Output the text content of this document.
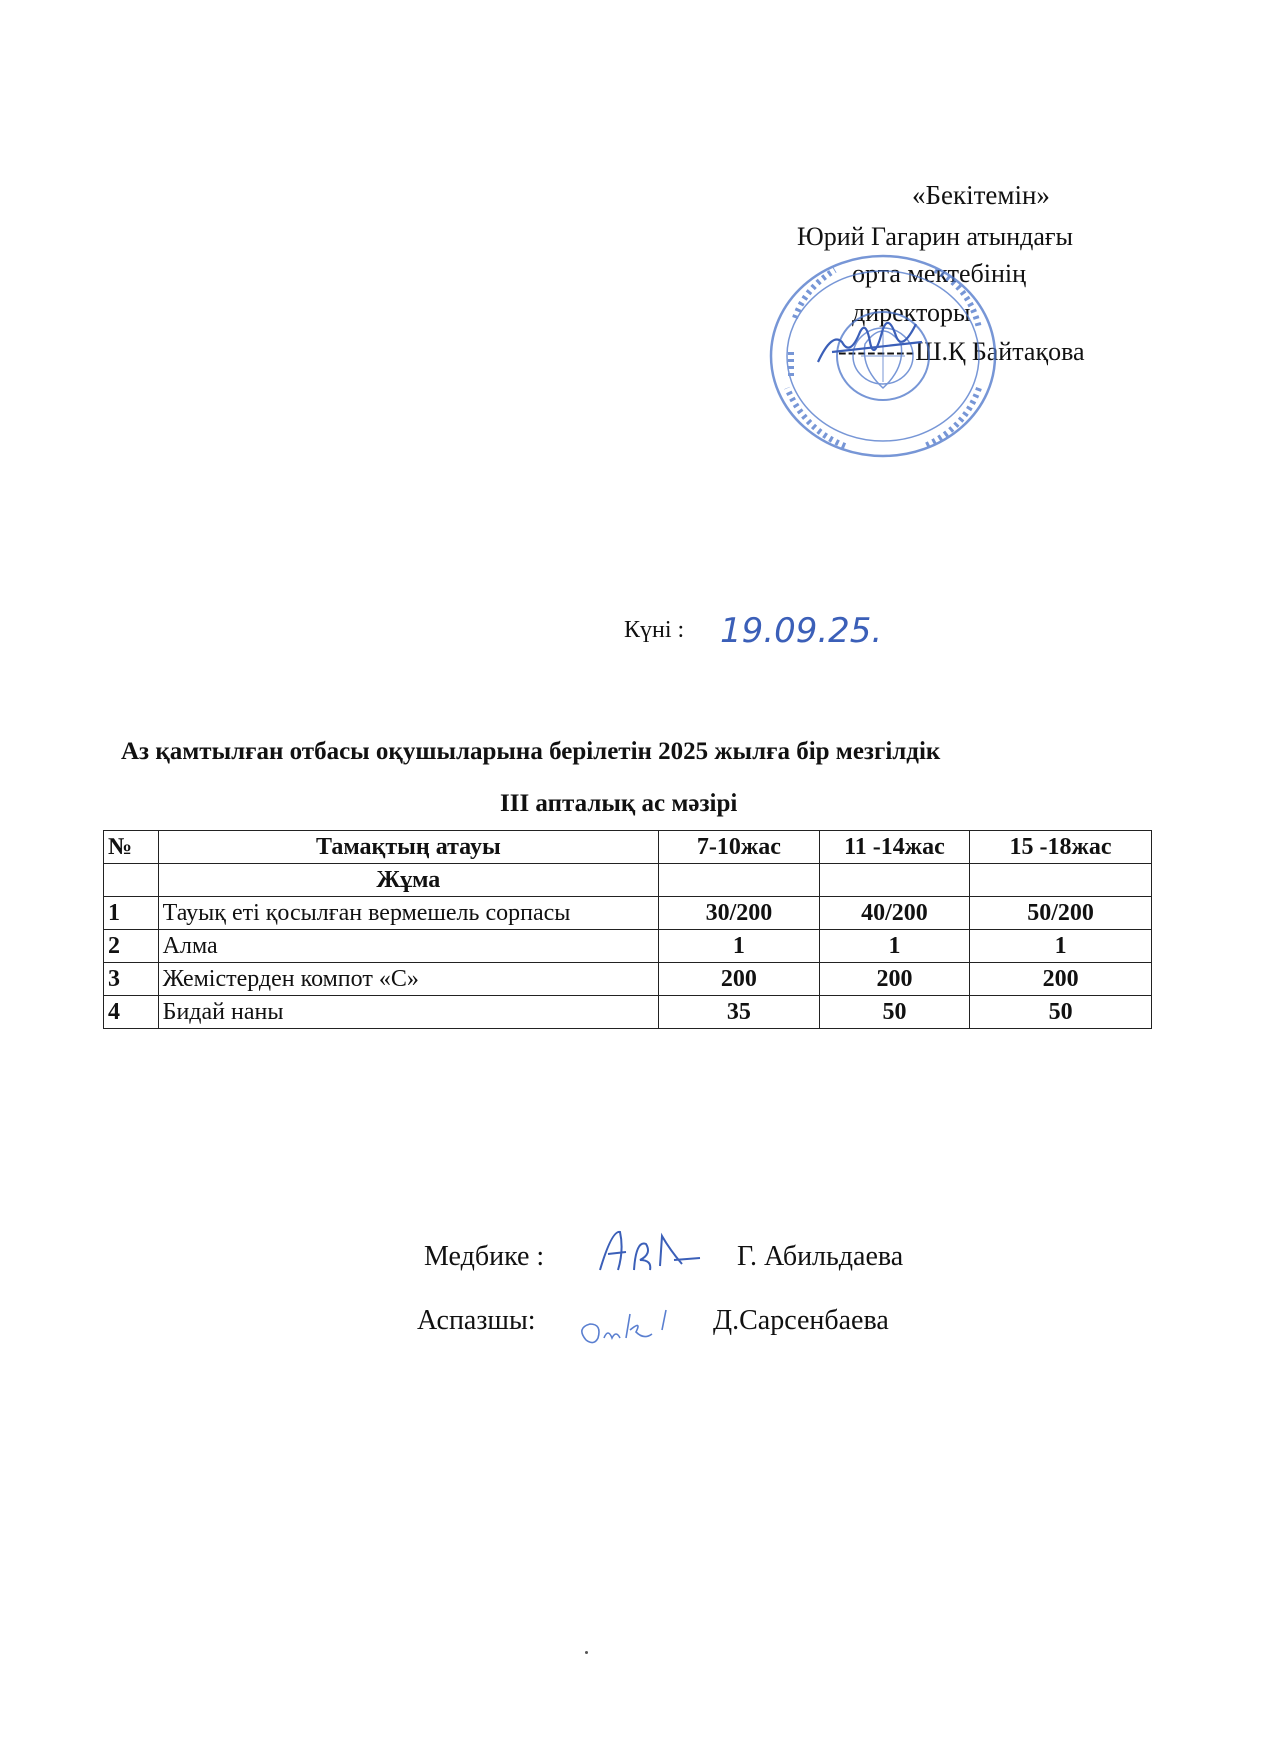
«Бекітемін»
Юрий Гагарин атындағы
орта мектебінің
директоры
--------Ш.Қ Байтақова
Күні : 19.09.25.
Аз қамтылған отбасы оқушыларына берілетін 2025 жылға бір мезгілдік
III апталық ас мәзірі
№	Тамақтың атауы	7-10жас	11 -14жас	15 -18жас
	Жұма			
1	Тауық еті қосылған вермешель сорпасы	30/200	40/200	50/200
2	Алма	1	1	1
3	Жемістерден компот «С»	200	200	200
4	Бидай наны	35	50	50
Медбике :	Г. Абильдаева
Аспазшы:	Д.Сарсенбаева
